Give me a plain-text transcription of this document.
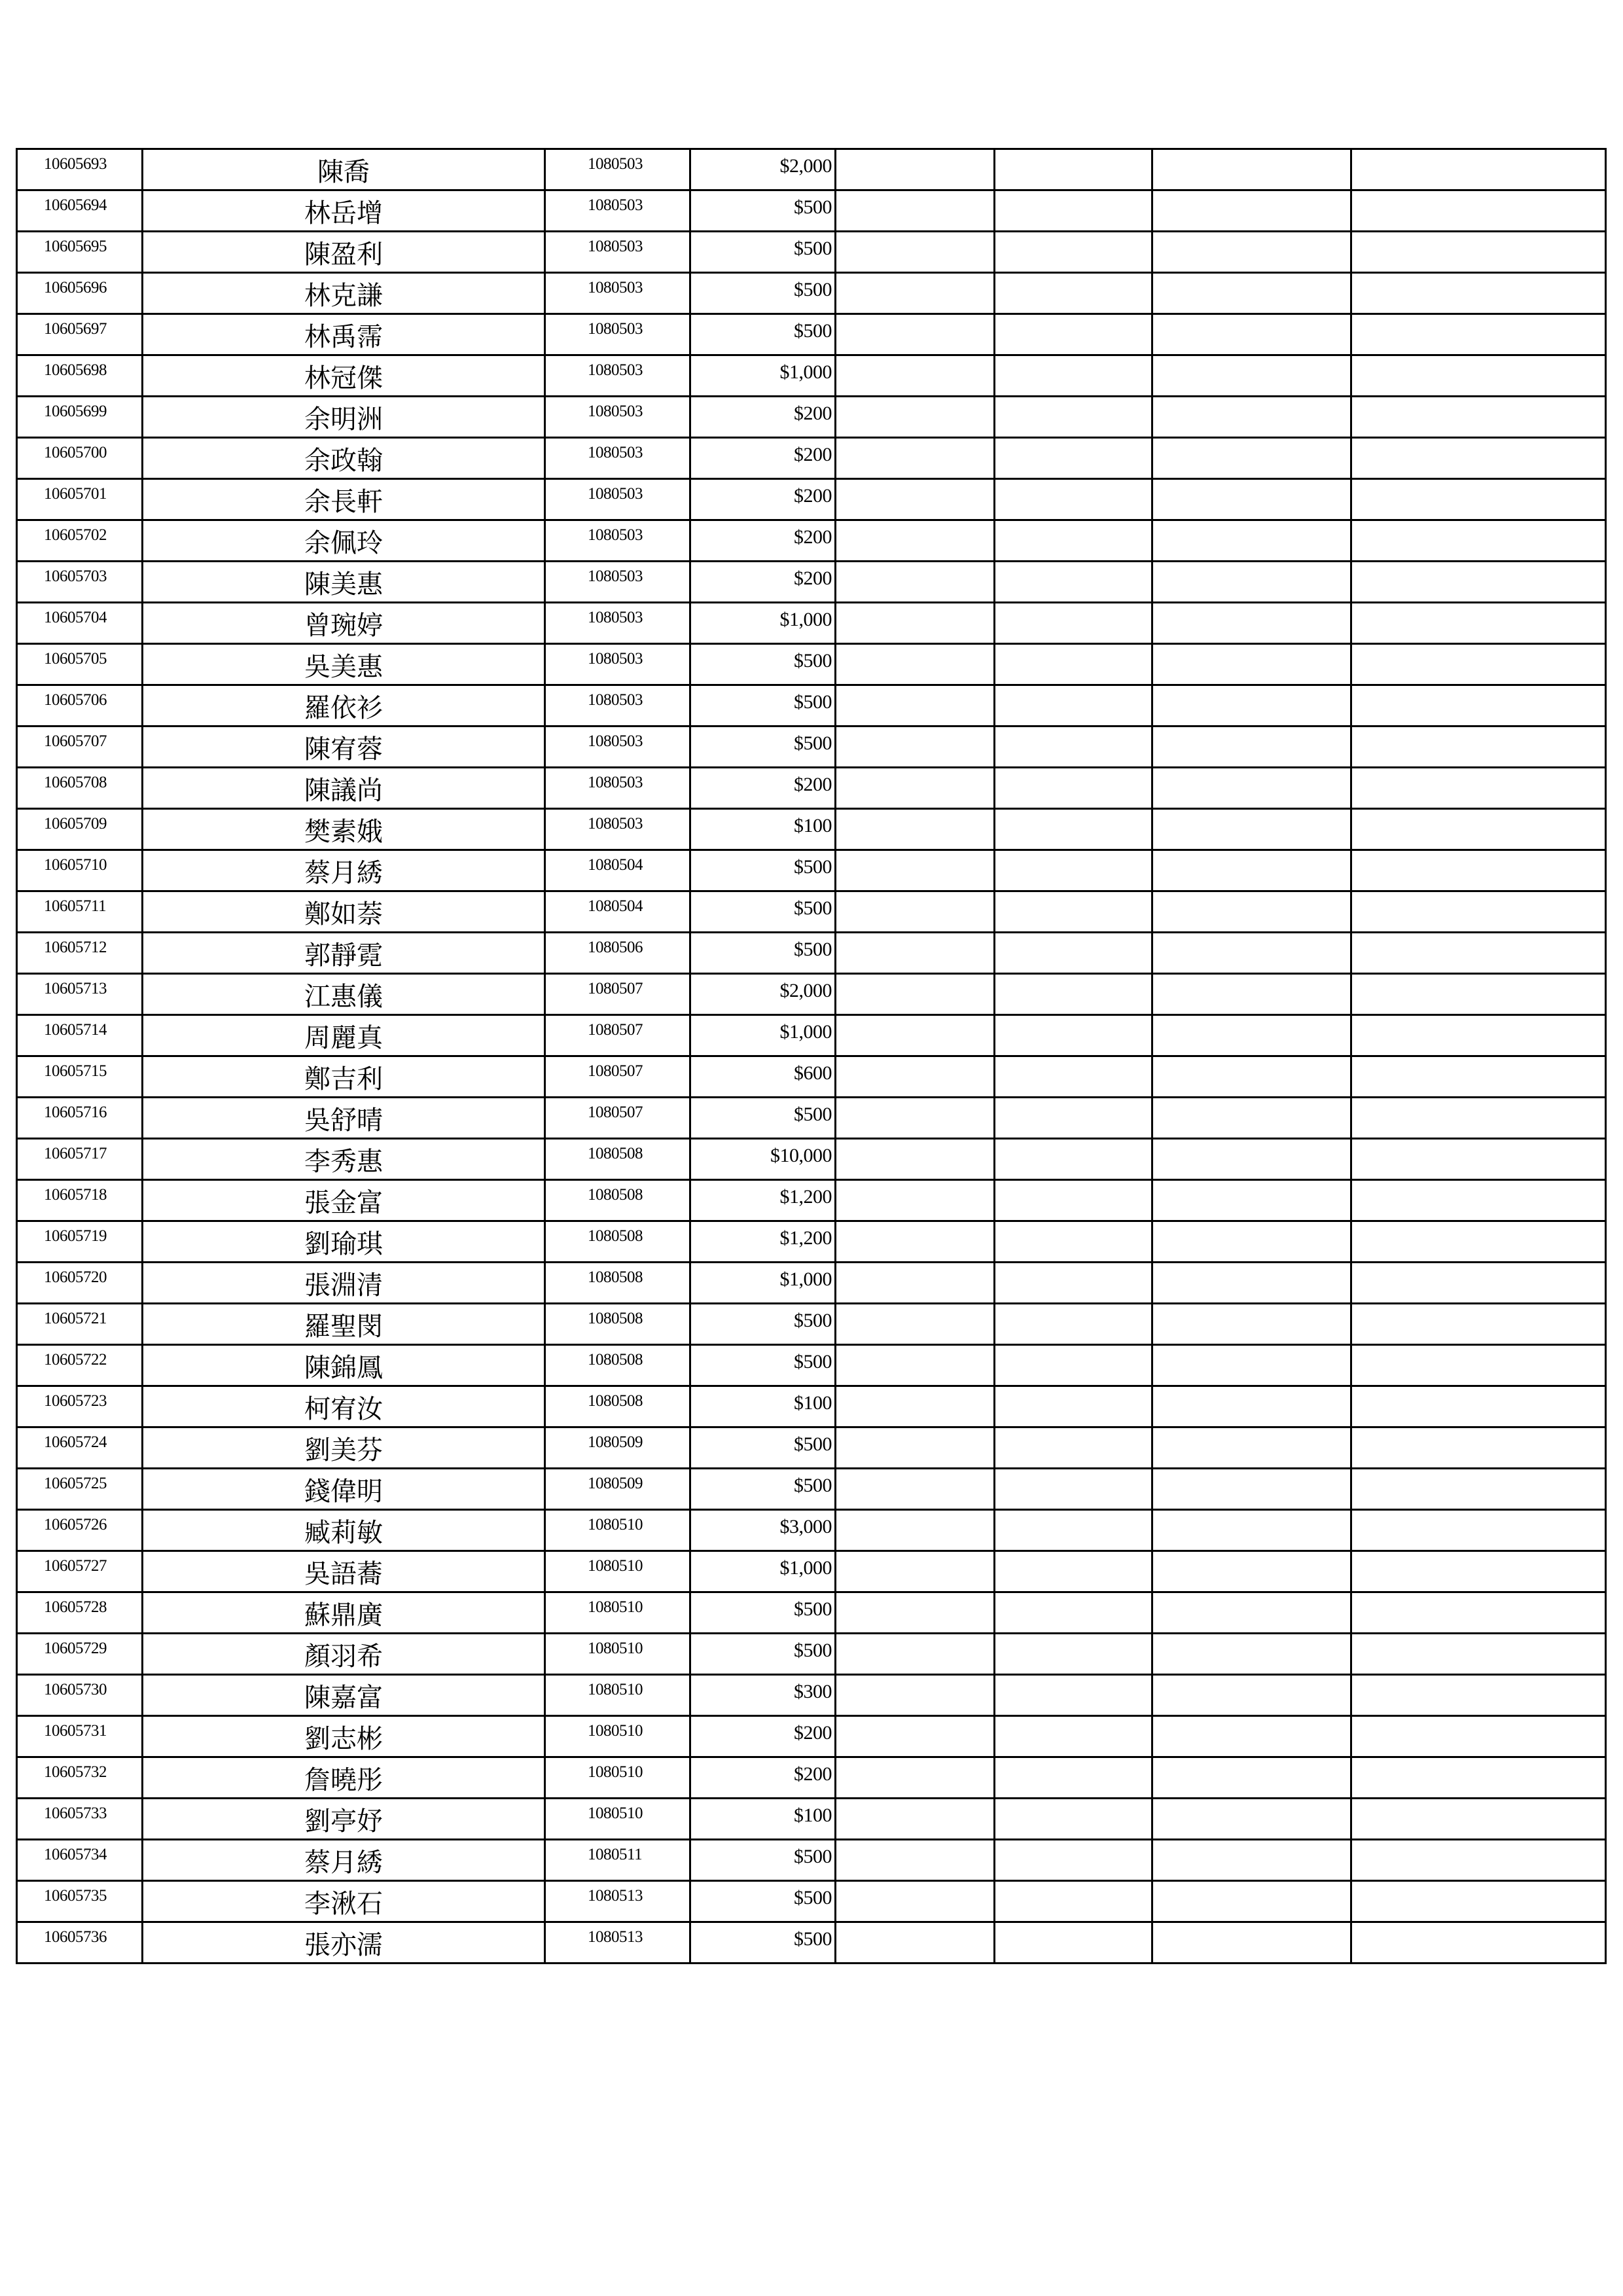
10605693	陳喬	1080503	$2,000				
10605694	林岳增	1080503	$500				
10605695	陳盈利	1080503	$500				
10605696	林克謙	1080503	$500				
10605697	林禹霈	1080503	$500				
10605698	林冠傑	1080503	$1,000				
10605699	余明洲	1080503	$200				
10605700	余政翰	1080503	$200				
10605701	余長軒	1080503	$200				
10605702	余佩玲	1080503	$200				
10605703	陳美惠	1080503	$200				
10605704	曾琬婷	1080503	$1,000				
10605705	吳美惠	1080503	$500				
10605706	羅依衫	1080503	$500				
10605707	陳宥蓉	1080503	$500				
10605708	陳議尚	1080503	$200				
10605709	樊素娥	1080503	$100				
10605710	蔡月綉	1080504	$500				
10605711	鄭如萘	1080504	$500				
10605712	郭靜霓	1080506	$500				
10605713	江惠儀	1080507	$2,000				
10605714	周麗真	1080507	$1,000				
10605715	鄭吉利	1080507	$600				
10605716	吳舒晴	1080507	$500				
10605717	李秀惠	1080508	$10,000				
10605718	張金富	1080508	$1,200				
10605719	劉瑜琪	1080508	$1,200				
10605720	張淵清	1080508	$1,000				
10605721	羅聖閔	1080508	$500				
10605722	陳錦鳳	1080508	$500				
10605723	柯宥汝	1080508	$100				
10605724	劉美芬	1080509	$500				
10605725	錢偉明	1080509	$500				
10605726	臧莉敏	1080510	$3,000				
10605727	吳語蕎	1080510	$1,000				
10605728	蘇鼎廣	1080510	$500				
10605729	顏羽希	1080510	$500				
10605730	陳嘉富	1080510	$300				
10605731	劉志彬	1080510	$200				
10605732	詹曉彤	1080510	$200				
10605733	劉亭妤	1080510	$100				
10605734	蔡月綉	1080511	$500				
10605735	李湫石	1080513	$500				
10605736	張亦濡	1080513	$500				
